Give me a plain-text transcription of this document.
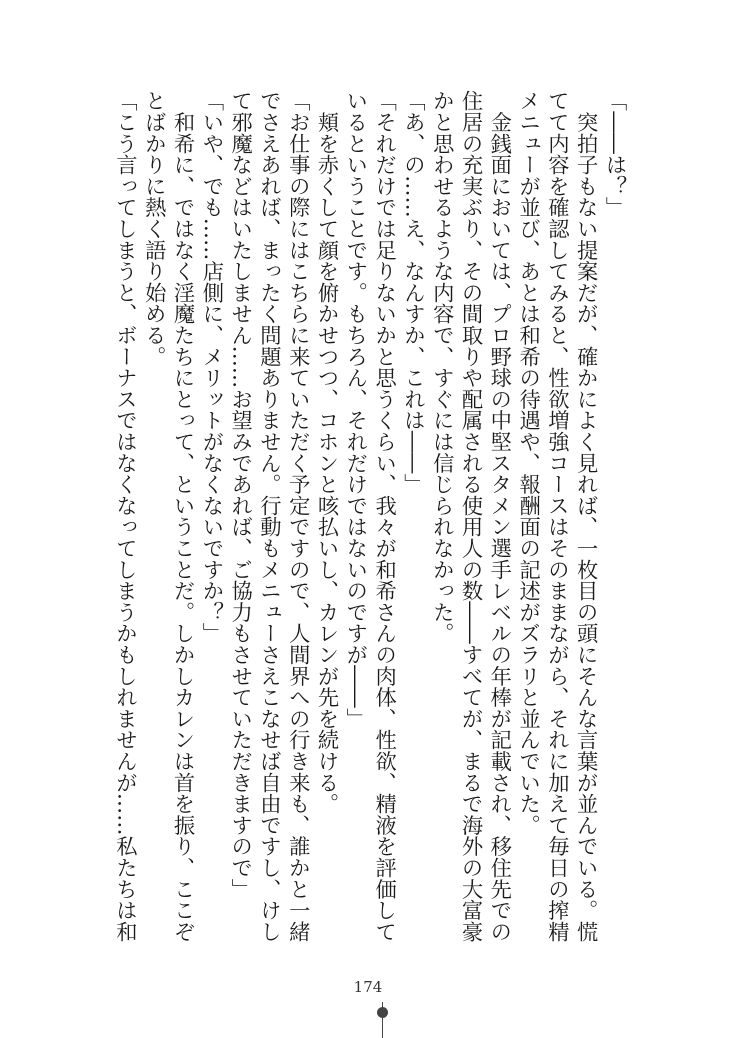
「――は？」
　突拍子もない提案だが、確かによく見れば、一枚目の頭にそんな言葉が並んでいる。慌
てて内容を確認してみると、性欲増強コースはそのままながら、それに加えて毎日の搾精
メニューが並び、あとは和希の待遇や、報酬面の記述がズラリと並んでいた。
　金銭面においては、プロ野球の中堅スタメン選手レベルの年棒が記載され、移住先での
住居の充実ぶり、その間取りや配属される使用人の数――すべてが、まるで海外の大富豪
かと思わせるような内容で、すぐには信じられなかった。
「あ、の……え、なんすか、これは――」
「それだけでは足りないかと思うくらい、我々が和希さんの肉体、性欲、精液を評価して
いるということです。もちろん、それだけではないのですが――」
　頬を赤くして顔を俯かせつつ、コホンと咳払いし、カレンが先を続ける。
「お仕事の際にはこちらに来ていただく予定ですので、人間界への行き来も、誰かと一緒
でさえあれば、まったく問題ありません。行動もメニューさえこなせば自由ですし、けし
て邪魔などはいたしません……お望みであれば、ご協力もさせていただきますので」
「いや、でも……店側に、メリットがなくないですか？」
　和希に、ではなく淫魔たちにとって、ということだ。しかしカレンは首を振り、ここぞ
とばかりに熱く語り始める。
「こう言ってしまうと、ボーナスではなくなってしまうかもしれませんが……私たちは和
174
